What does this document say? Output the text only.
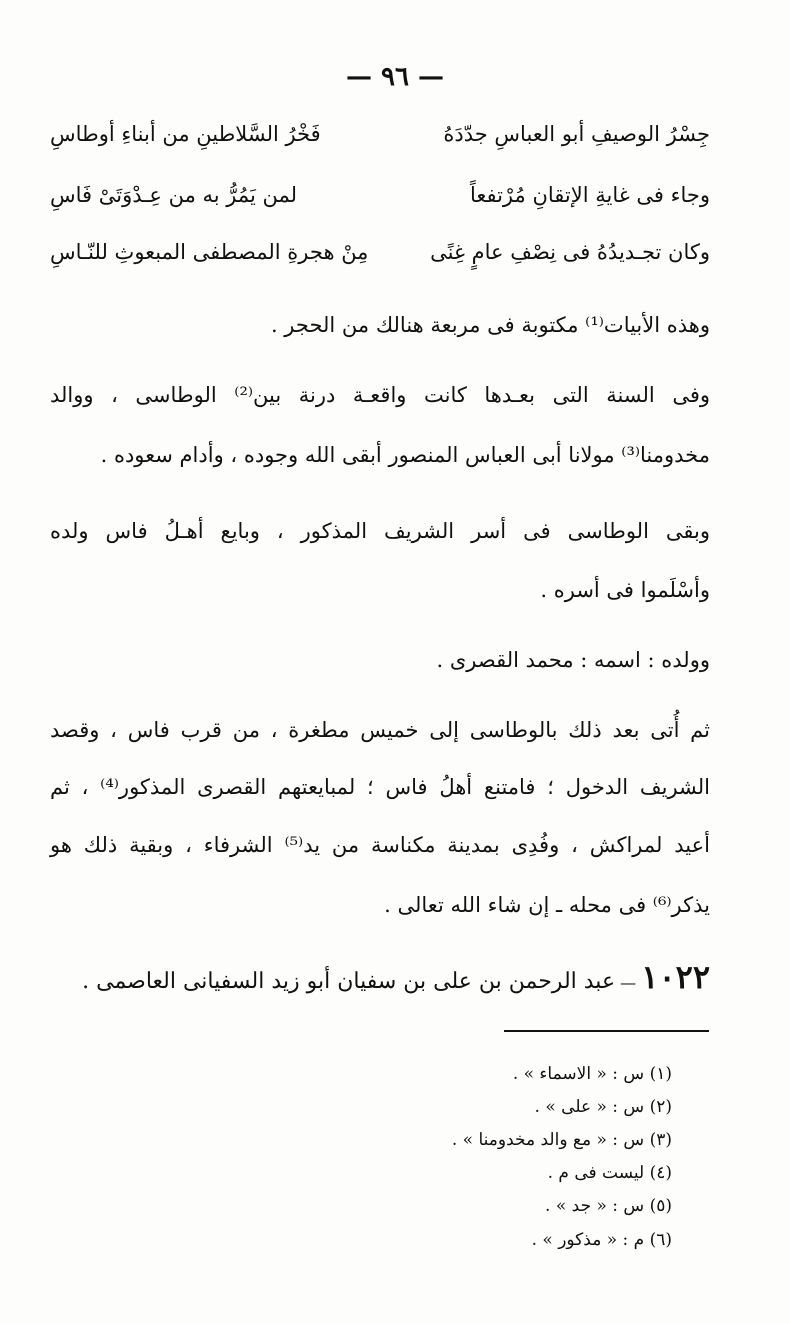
— ٩٦ —
جِسْرُ الوصيفِ أبو العباسِ جدّدَهُ
فَخْرُ السَّلاطينِ من أبناءِ أوطاسِ
وجاء فى غايةِ الإتقانِ مُرْتفعاً
لمن يَمُرُّ به من عِـدْوَتَىْ فَاسِ
وكان تجـديدُهُ فى نِصْفِ عامٍ غِنًى
مِنْ هجرةِ المصطفى المبعوثِ للنّـاسِ
وهذه الأبيات⁽¹⁾ مكتوبة فى مربعة هنالك من الحجر .
وفى السنة التى بعـدها كانت واقعـة درنة بين⁽²⁾ الوطاسى ، ووالد
مخدومنا⁽³⁾ مولانا أبى العباس المنصور أبقى الله وجوده ، وأدام سعوده .
وبقى الوطاسى فى أسر الشريف المذكور ، وبايع أهـلُ فاس ولده
وأسْلَموا فى أسره .
وولده : اسمه : محمد القصرى .
ثم أُتى بعد ذلك بالوطاسى إلى خميس مطغرة ، من قرب فاس ، وقصد
الشريف الدخول ؛ فامتنع أهلُ فاس ؛ لمبايعتهم القصرى المذكور⁽⁴⁾ ، ثم
أعيد لمراكش ، وفُدِى بمدينة مكناسة من يد⁽⁵⁾ الشرفاء ، وبقية ذلك هو
يذكر⁽⁶⁾ فى محله ـ إن شاء الله تعالى .
١٠٢٢ — عبد الرحمن بن على بن سفيان أبو زيد السفيانى العاصمى .
(١) س : « الاسماء » .
(٢) س : « على » .
(٣) س : « مع والد مخدومنا » .
(٤) ليست فى م .
(٥) س : « جد » .
(٦) م : « مذكور » .
